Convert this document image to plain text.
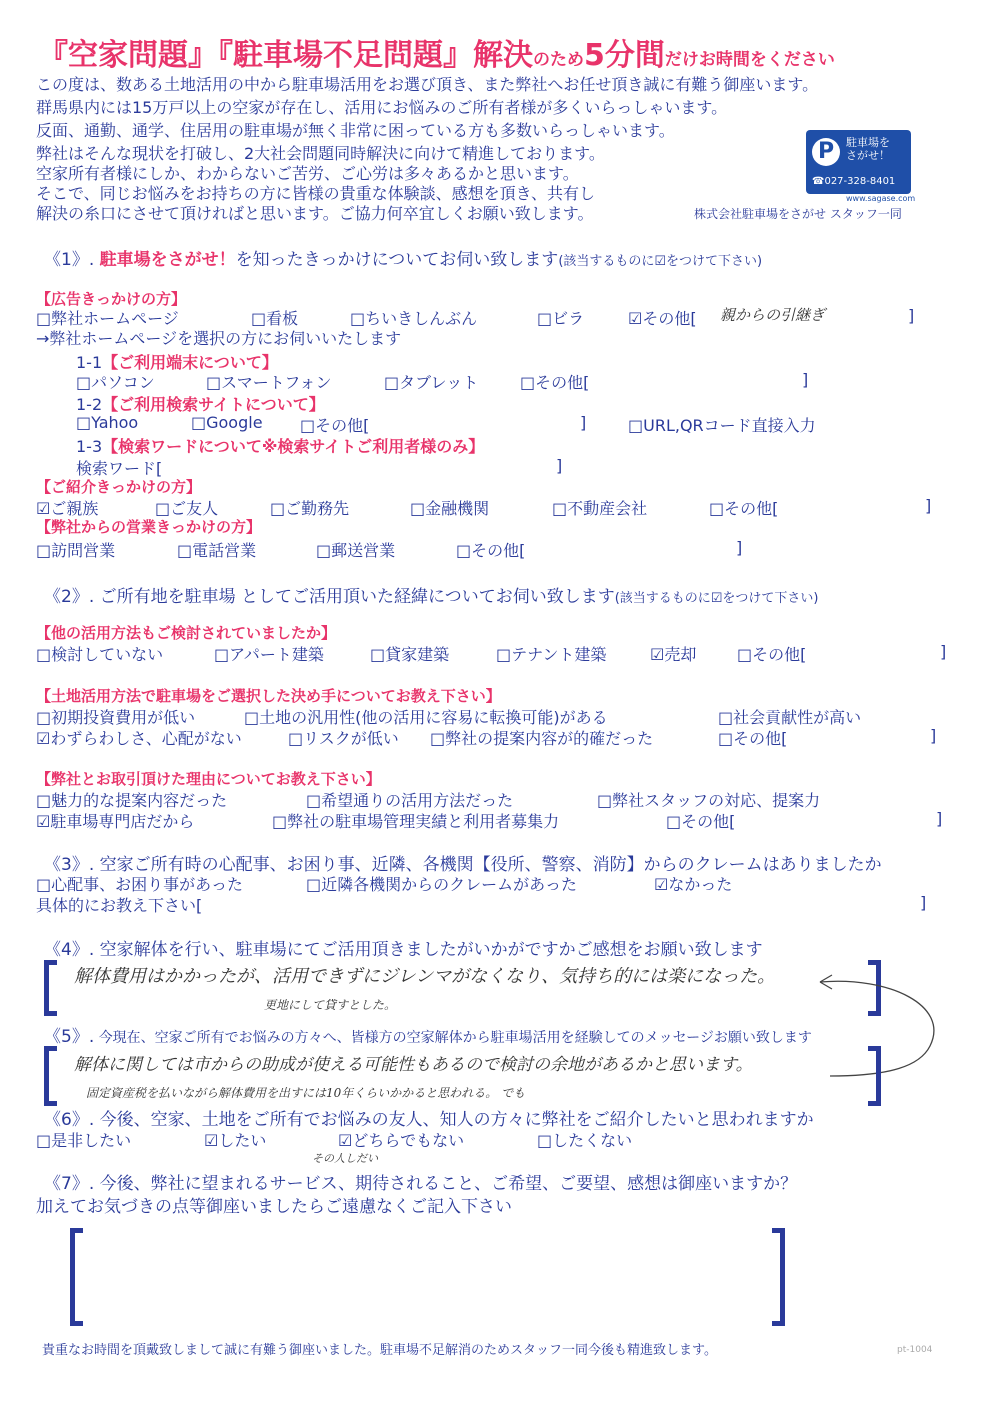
『空家問題』『駐車場不足問題』解決のため5分間だけお時間をください
この度は、数ある土地活用の中から駐車場活用をお選び頂き、また弊社へお任せ頂き誠に有難う御座います。
群馬県内には15万戸以上の空家が存在し、活用にお悩みのご所有者様が多くいらっしゃいます。
反面、通勤、通学、住居用の駐車場が無く非常に困っている方も多数いらっしゃいます。
弊社はそんな現状を打破し、2大社会問題同時解決に向けて精進しております。
空家所有者様にしか、わからないご苦労、ご心労は多々あるかと思います。
そこで、同じお悩みをお持ちの方に皆様の貴重な体験談、感想を頂き、共有し
解決の糸口にさせて頂ければと思います。ご協力何卒宜しくお願い致します。	株式会社駐車場をさがせ スタッフ一同
P	駐車場を
さがせ！
☎027-328-8401
www.sagase.com
《1》. 駐車場をさがせ！を知ったきっかけについてお伺い致します(該当するものに☑をつけて下さい)
【広告きっかけの方】
□弊社ホームページ	□看板	□ちいきしんぶん	□ビラ	☑その他[ 親からの引継ぎ	]
→弊社ホームページを選択の方にお伺いいたします
1-1【ご利用端末について】
□パソコン	□スマートフォン	□タブレット	□その他[	]
1-2【ご利用検索サイトについて】
□Yahoo	□Google □その他[	]	□URL,QRコード直接入力
1-3【検索ワードについて※検索サイトご利用者様のみ】
検索ワード[	]
【ご紹介きっかけの方】
☑ご親族	□ご友人	□ご勤務先	□金融機関	□不動産会社	□その他[	]
【弊社からの営業きっかけの方】
□訪問営業	□電話営業	□郵送営業	□その他[	]
《2》. ご所有地を駐車場 としてご活用頂いた経緯についてお伺い致します(該当するものに☑をつけて下さい)
【他の活用方法もご検討されていましたか】
□検討していない	□アパート建築	□貸家建築	□テナント建築	☑売却	□その他[	]
【土地活用方法で駐車場をご選択した決め手についてお教え下さい】
□初期投資費用が低い	□土地の汎用性(他の活用に容易に転換可能)がある	□社会貢献性が高い
☑わずらわしさ、心配がない	□リスクが低い □弊社の提案内容が的確だった	□その他[	]
【弊社とお取引頂けた理由についてお教え下さい】
□魅力的な提案内容だった	□希望通りの活用方法だった	□弊社スタッフの対応、提案力
☑駐車場専門店だから	□弊社の駐車場管理実績と利用者募集力	□その他[	]
《3》. 空家ご所有時の心配事、お困り事、近隣、各機関【役所、警察、消防】からのクレームはありましたか
□心配事、お困り事があった	□近隣各機関からのクレームがあった	☑なかった
具体的にお教え下さい[	]
《4》. 空家解体を行い、駐車場にてご活用頂きましたがいかがですかご感想をお願い致します
解体費用はかかったが、活用できずにジレンマがなくなり、気持ち的には楽になった。
更地にして貸すとした。
《5》. 今現在、空家ご所有でお悩みの方々へ、皆様方の空家解体から駐車場活用を経験してのメッセージお願い致します
解体に関しては市からの助成が使える可能性もあるので検討の余地があるかと思います。
固定資産税を払いながら解体費用を出すには10年くらいかかると思われる。 でも
《6》. 今後、空家、土地をご所有でお悩みの友人、知人の方々に弊社をご紹介したいと思われますか
□是非したい	☑したい	☑どちらでもない	□したくない
その人しだい
《7》. 今後、弊社に望まれるサービス、期待されること、ご希望、ご要望、感想は御座いますか？
加えてお気づきの点等御座いましたらご遠慮なくご記入下さい
貴重なお時間を頂戴致しまして誠に有難う御座いました。駐車場不足解消のためスタッフ一同今後も精進致します。	pt-1004
